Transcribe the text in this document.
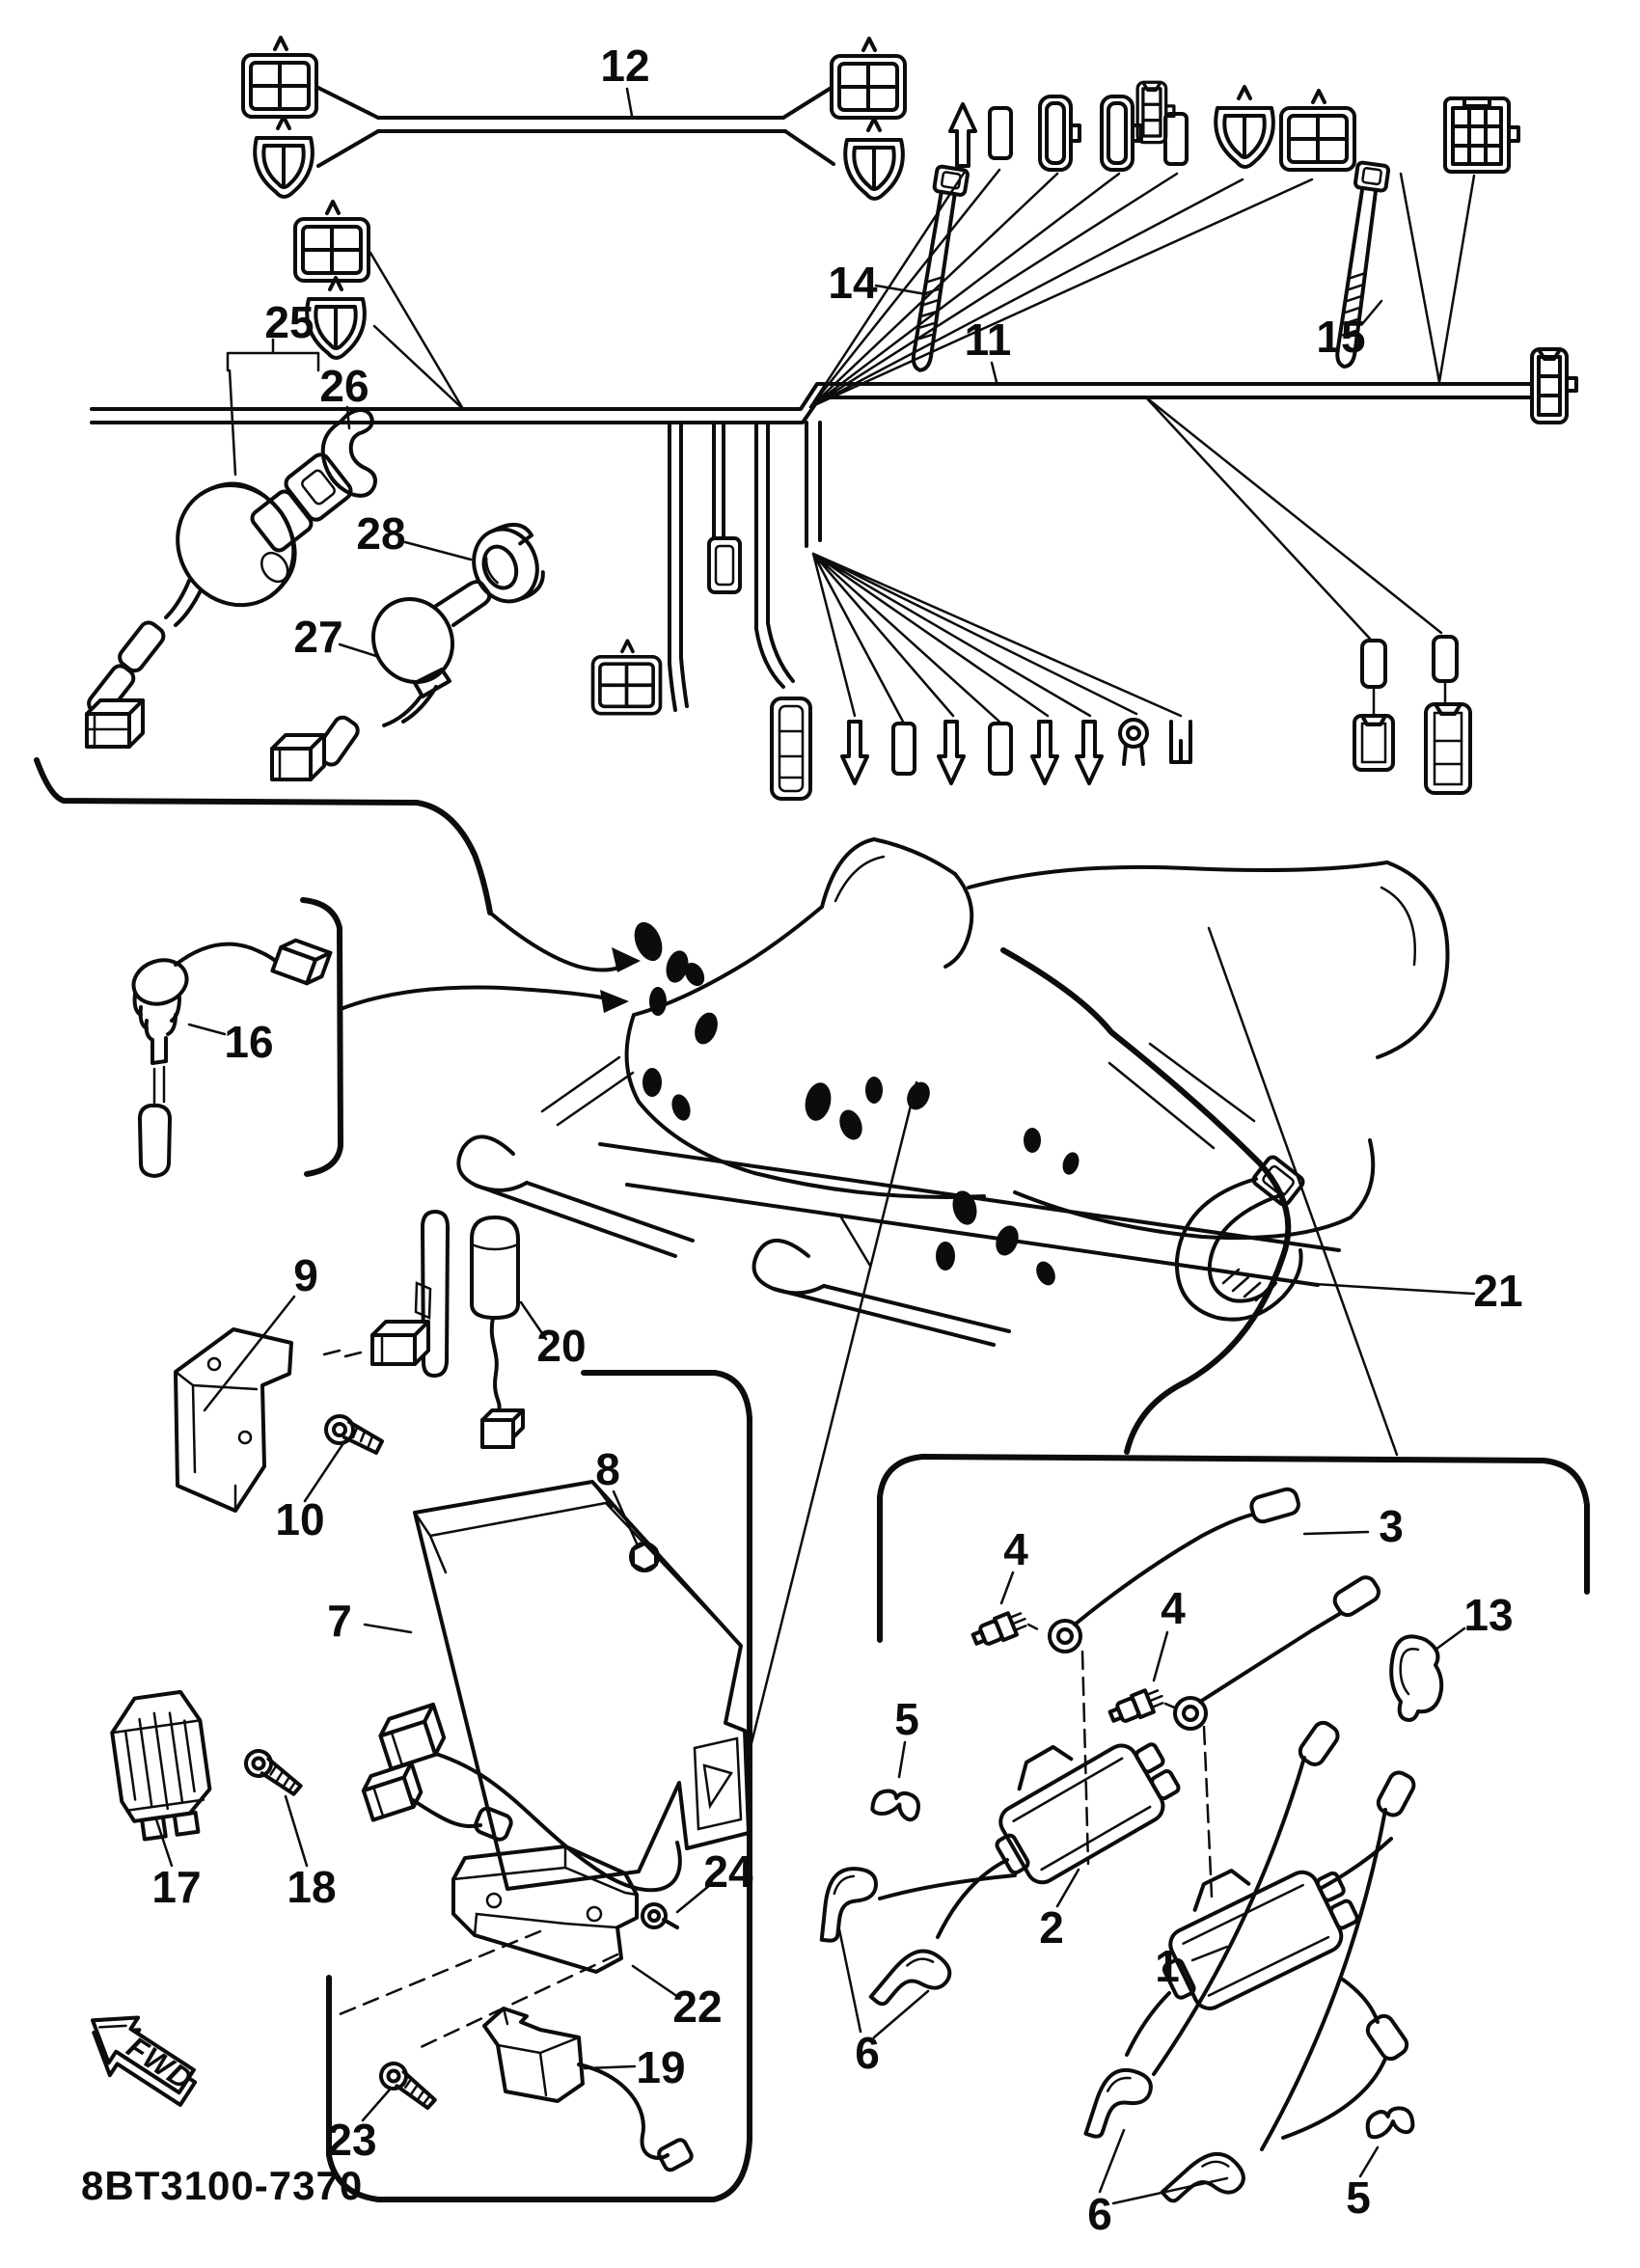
FWD
12
14
11	15
25
26
28
27
16
21
9
10
20
8
7
17 18
22
24
19
23
3
13
4
4
5
5
2
1
6
6
8BT3100-7370
